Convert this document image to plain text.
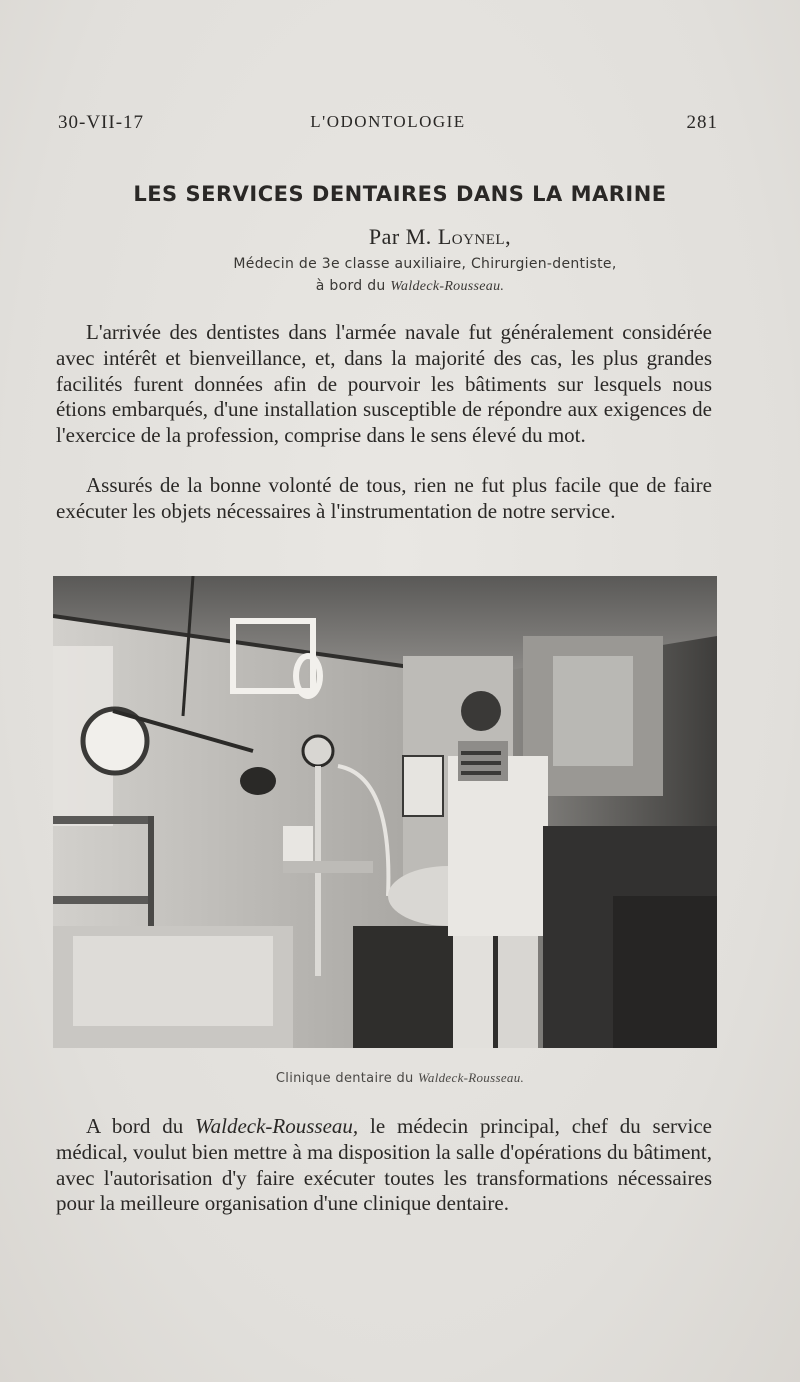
30-VII-17	L'ODONTOLOGIE	281
LES SERVICES DENTAIRES DANS LA MARINE
Par M. Loynel,
Médecin de 3e classe auxiliaire, Chirurgien-dentiste,
à bord du Waldeck-Rousseau.

L'arrivée des dentistes dans l'armée navale fut généralement considérée avec intérêt et bienveillance, et, dans la majorité des cas, les plus grandes facilités furent données afin de pourvoir les bâtiments sur lesquels nous étions embarqués, d'une installation susceptible de répondre aux exigences de l'exercice de la profession, comprise dans le sens élevé du mot.

Assurés de la bonne volonté de tous, rien ne fut plus facile que de faire exécuter les objets nécessaires à l'instrumentation de notre service.

Clinique dentaire du Waldeck-Rousseau.

A bord du Waldeck-Rousseau, le médecin principal, chef du service médical, voulut bien mettre à ma disposition la salle d'opérations du bâtiment, avec l'autorisation d'y faire exécuter toutes les transformations nécessaires pour la meilleure organisation d'une clinique dentaire.
